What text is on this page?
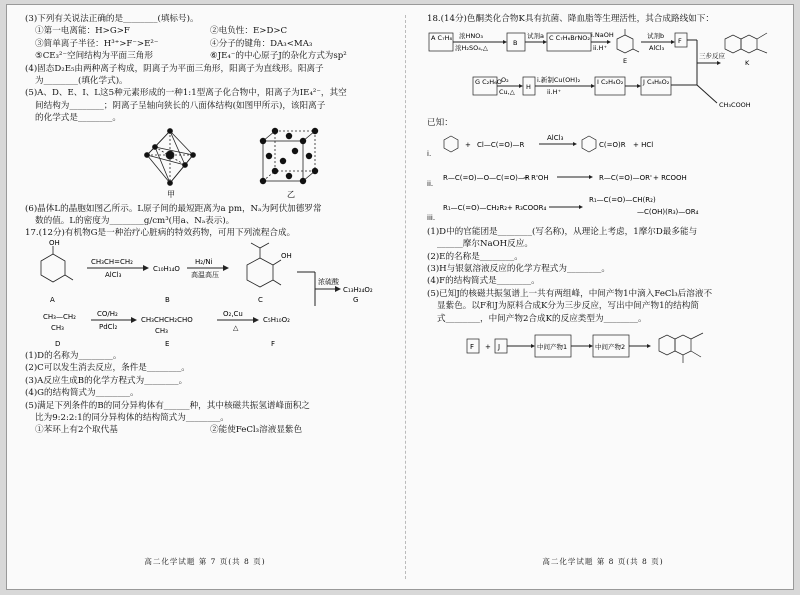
(3)下列有关说法正确的是________(填标号)。
①第一电离能：H>G>F	②电负性：E>D>C
③简单离子半径：H³⁺>F⁻>E²⁻	④分子的键角：DA₃<MA₃
⑤CE₃²⁻空间结构为平面三角形	⑥JE₄⁻的中心原子J的杂化方式为sp²
(4)固态D₂E₅由两种离子构成，阴离子为平面三角形，阳离子为直线形。阳离子
为________(填化学式)。
(5)A、D、E、I、L这5种元素形成的一种1:1型离子化合物中，阳离子为IE₄²⁻，其空
间结构为________；阴离子呈轴向狭长的八面体结构(如图甲所示)，该阳离子
的化学式是________。
甲	乙
(6)晶体L的晶胞如图乙所示。L原子间的最短距离为a pm，Nₐ为阿伏加德罗常
数的值。L的密度为________g/cm³(用a、Nₐ表示)。
17.(12分)有机物G是一种治疗心脏病的特效药物，可用下列流程合成。
OH
A
CH₃CH=CH₂
AlCl₃
C₁₀H₁₄O
B
H₂/Ni
高温高压
OH
C
浓硫酸
C₁₃H₂₄O₂
G
CH₃—CH₂
CH₃
D
CO/H₂
PdCl₂
CH₃CHCH₂CHO
CH₃
E
O₂,Cu
△
C₅H₁₀O₂
F
(1)D的名称为________。
(2)C可以发生消去反应，条件是________。
(3)A反应生成B的化学方程式为________。
(4)G的结构简式为________。
(5)满足下列条件的B的同分异构体有______种，其中核磁共振氢谱峰面积之
比为9:2:2:1的同分异构体的结构简式为________。
①苯环上有2个取代基	②能使FeCl₃溶液显紫色
高二化学试题 第 7 页(共 8 页)
18.(14分)色酮类化合物K具有抗菌、降血脂等生理活性，其合成路线如下：
A C₇H₈ 浓HNO₃
浓H₂SO₄,△
B
试剂a C C₇H₆BrNO₂ i.NaOH
ii.H⁺
E
试剂b
AlCl₃
F
三步反应
K
G C₂H₆O O₂
Cu,△
H
i.新制Cu(OH)₂
ii.H⁺
I C₂H₄O₂	J C₄H₈O₂
CH₃COOH
已知：
i.
+ Cl—C(=O)—R
AlCl₃
C(=O)R + HCl
ii.
R—C(=O)—O—C(=O)—R
+ R'OH	R—C(=O)—OR' + RCOOH
iii.
R₁—C(=O)—CH₂R₂ + R₃COOR₄
R₁—C(=O)—CH(R₂)
—C(OH)(R₃)—OR₄
(1)D中的官能团是________(写名称)，从理论上考虑，1摩尔D最多能与
______摩尔NaOH反应。
(2)E的名称是________。
(3)H与银氨溶液反应的化学方程式为________。
(4)F的结构简式是________。
(5)已知J的核磁共振氢谱上一共有两组峰，中间产物1中滴入FeCl₃后溶液不
显紫色。以F和J为原料合成K分为三步反应，写出中间产物1的结构简
式________，中间产物2合成K的反应类型为________。
F + J	中间产物1	中间产物2
高二化学试题 第 8 页(共 8 页)
